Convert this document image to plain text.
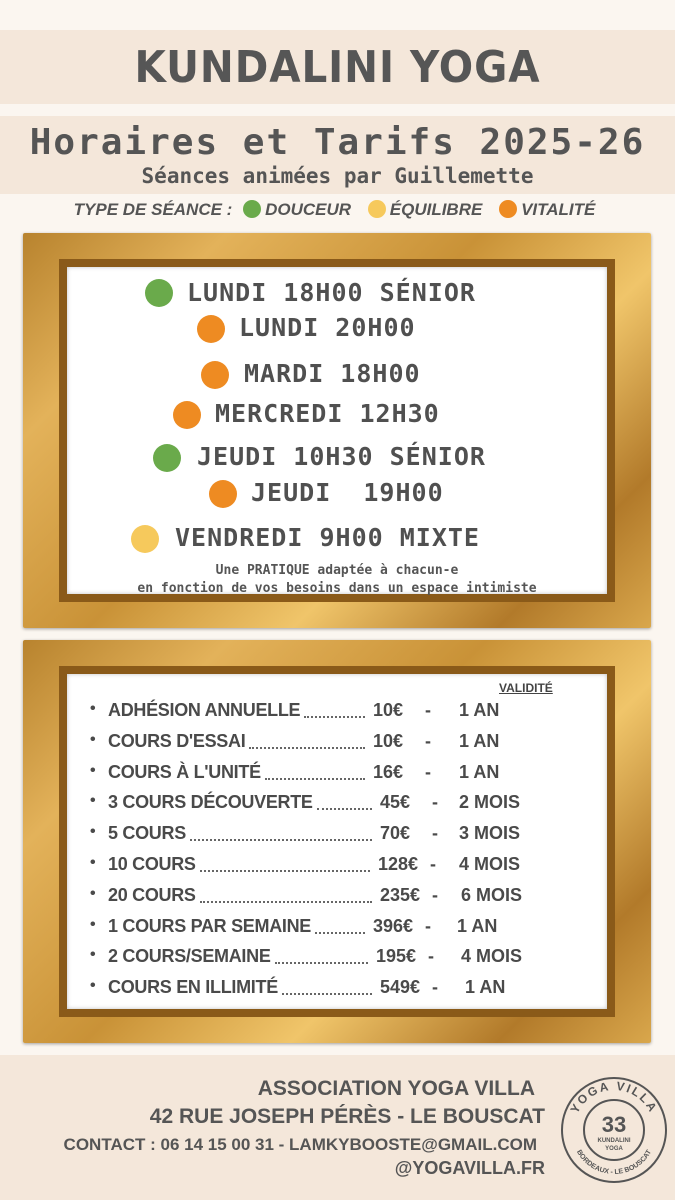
KUNDALINI YOGA
Horaires et Tarifs 2025-26
Séances animées par Guillemette
TYPE DE SÉANCE : DOUCEUR ÉQUILIBRE VITALITÉ
LUNDI 18H00 SÉNIOR
LUNDI 20H00
MARDI 18H00
MERCREDI 12H30
JEUDI 10H30 SÉNIOR
JEUDI  19H00
VENDREDI 9H00 MIXTE
Une PRATIQUE adaptée à chacun-e
en fonction de vos besoins dans un espace intimiste
VALIDITÉ
• ADHÉSION ANNUELLE	10€ - 1 AN
• COURS D'ESSAI	10€ - 1 AN
• COURS À L'UNITÉ	16€ - 1 AN
• 3 COURS DÉCOUVERTE	45€ - 2 MOIS
• 5 COURS	70€ - 3 MOIS
• 10 COURS	128€ - 4 MOIS
• 20 COURS	235€ - 6 MOIS
• 1 COURS PAR SEMAINE	396€ - 1 AN
• 2 COURS/SEMAINE	195€ - 4 MOIS
• COURS EN ILLIMITÉ	549€ - 1 AN
ASSOCIATION YOGA VILLA
42 RUE JOSEPH PÉRÈS - LE BOUSCAT
CONTACT : 06 14 15 00 31 - LAMKYBOOSTE@GMAIL.COM
@YOGAVILLA.FR
YOGA VILLA
BORDEAUX - LE BOUSCAT
33
KUNDALINI
YOGA
